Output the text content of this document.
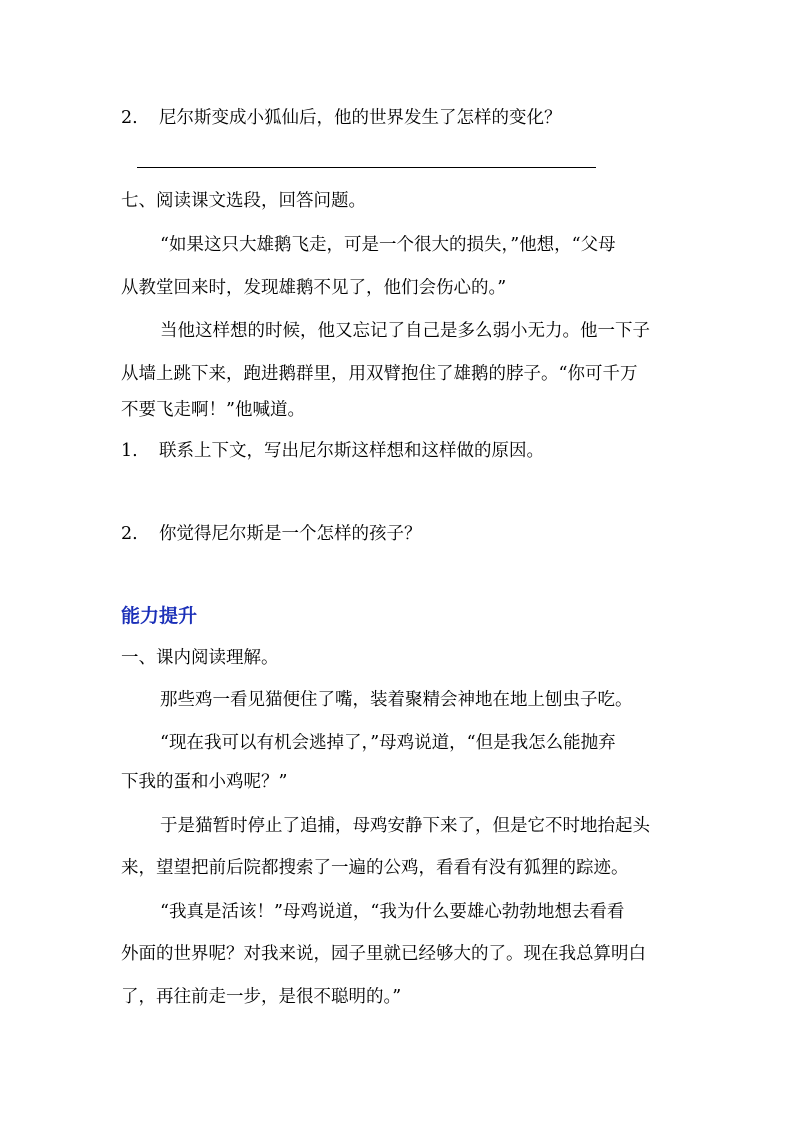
2. 尼尔斯变成小狐仙后，他的世界发生了怎样的变化？
七、阅读课文选段，回答问题。
“如果这只大雄鹅飞走，可是一个很大的损失，”他想，“父母
从教堂回来时，发现雄鹅不见了，他们会伤心的。”
当他这样想的时候，他又忘记了自己是多么弱小无力。他一下子
从墙上跳下来，跑进鹅群里，用双臂抱住了雄鹅的脖子。“你可千万
不要飞走啊！”他喊道。
1. 联系上下文，写出尼尔斯这样想和这样做的原因。
2. 你觉得尼尔斯是一个怎样的孩子？
能力提升
一、课内阅读理解。
那些鸡一看见猫便住了嘴，装着聚精会神地在地上刨虫子吃。
“现在我可以有机会逃掉了，”母鸡说道，“但是我怎么能抛弃
下我的蛋和小鸡呢？”
于是猫暂时停止了追捕，母鸡安静下来了，但是它不时地抬起头
来，望望把前后院都搜索了一遍的公鸡，看看有没有狐狸的踪迹。
“我真是活该！”母鸡说道，“我为什么要雄心勃勃地想去看看
外面的世界呢？对我来说，园子里就已经够大的了。现在我总算明白
了，再往前走一步，是很不聪明的。”
